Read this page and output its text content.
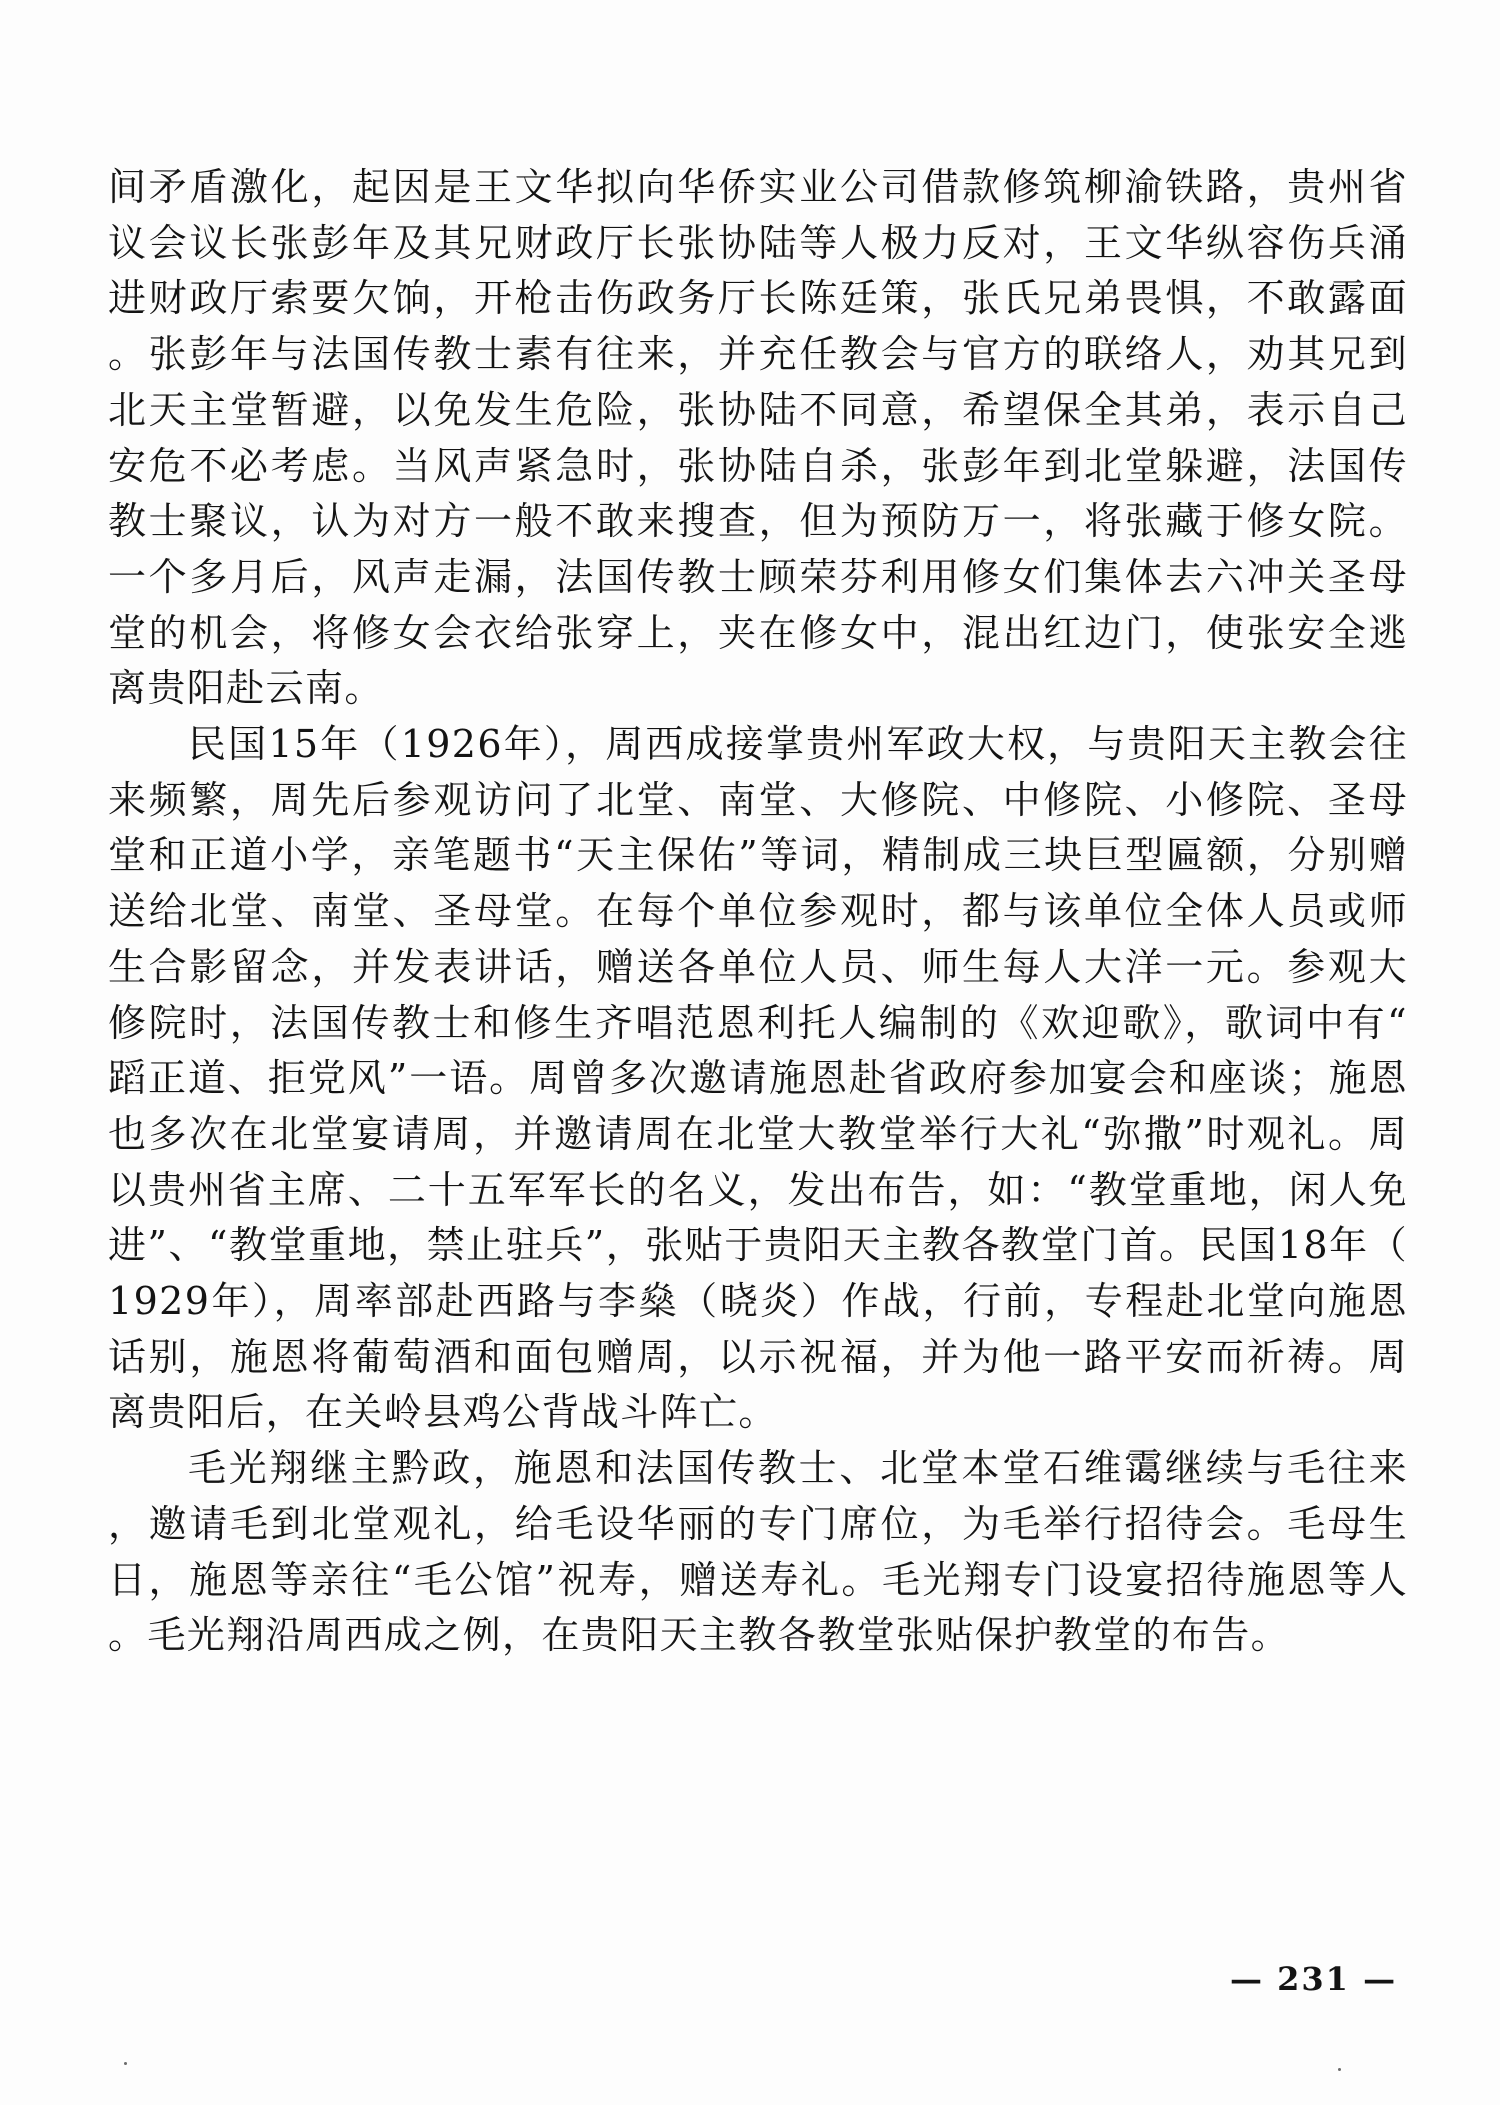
间矛盾激化，起因是王文华拟向华侨实业公司借款修筑柳渝铁路，贵州省议会议长张彭年及其兄财政厅长张协陆等人极力反对，王文华纵容伤兵涌进财政厅索要欠饷，开枪击伤政务厅长陈廷策，张氏兄弟畏惧，不敢露面。张彭年与法国传教士素有往来，并充任教会与官方的联络人，劝其兄到北天主堂暂避，以免发生危险，张协陆不同意，希望保全其弟，表示自己安危不必考虑。当风声紧急时，张协陆自杀，张彭年到北堂躲避，法国传教士聚议，认为对方一般不敢来搜查，但为预防万一，将张藏于修女院。一个多月后，风声走漏，法国传教士顾荣芬利用修女们集体去六冲关圣母堂的机会，将修女会衣给张穿上，夹在修女中，混出红边门，使张安全逃离贵阳赴云南。

民国15年（1926年），周西成接掌贵州军政大权，与贵阳天主教会往来频繁，周先后参观访问了北堂、南堂、大修院、中修院、小修院、圣母堂和正道小学，亲笔题书“天主保佑”等词，精制成三块巨型匾额，分别赠送给北堂、南堂、圣母堂。在每个单位参观时，都与该单位全体人员或师生合影留念，并发表讲话，赠送各单位人员、师生每人大洋一元。参观大修院时，法国传教士和修生齐唱范恩利托人编制的《欢迎歌》，歌词中有“蹈正道、拒党风”一语。周曾多次邀请施恩赴省政府参加宴会和座谈；施恩也多次在北堂宴请周，并邀请周在北堂大教堂举行大礼“弥撒”时观礼。周以贵州省主席、二十五军军长的名义，发出布告，如：“教堂重地，闲人免进”、“教堂重地，禁止驻兵”，张贴于贵阳天主教各教堂门首。民国18年（1929年），周率部赴西路与李燊（晓炎）作战，行前，专程赴北堂向施恩话别，施恩将葡萄酒和面包赠周，以示祝福，并为他一路平安而祈祷。周离贵阳后，在关岭县鸡公背战斗阵亡。

毛光翔继主黔政，施恩和法国传教士、北堂本堂石维霭继续与毛往来，邀请毛到北堂观礼，给毛设华丽的专门席位，为毛举行招待会。毛母生日，施恩等亲往“毛公馆”祝寿，赠送寿礼。毛光翔专门设宴招待施恩等人。毛光翔沿周西成之例，在贵阳天主教各教堂张贴保护教堂的布告。

— 231 —
